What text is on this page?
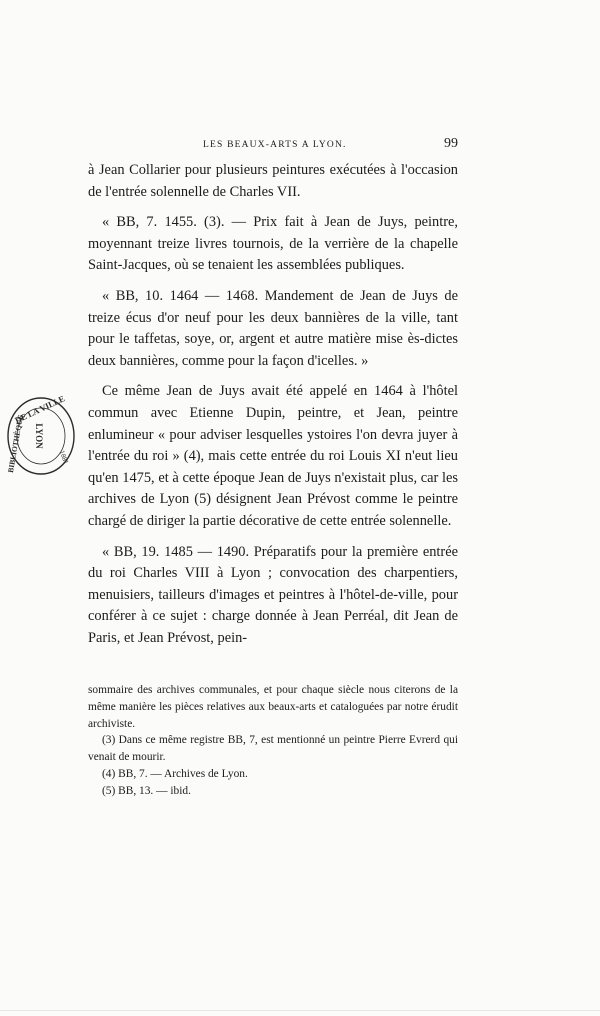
LES BEAUX-ARTS A LYON.	99

à Jean Collarier pour plusieurs peintures exécutées à l'occasion de l'entrée solennelle de Charles VII.

« BB, 7. 1455. (3). — Prix fait à Jean de Juys, peintre, moyennant treize livres tournois, de la verrière de la chapelle Saint-Jacques, où se tenaient les assemblées publiques.

« BB, 10. 1464 — 1468. Mandement de Jean de Juys de treize écus d'or neuf pour les deux bannières de la ville, tant pour le taffetas, soye, or, argent et autre matière mise ès-dictes deux bannières, comme pour la façon d'icelles. »

Ce même Jean de Juys avait été appelé en 1464 à l'hôtel commun avec Etienne Dupin, peintre, et Jean, peintre enlumineur « pour adviser lesquelles ystoires l'on devra juyer à l'entrée du roi » (4), mais cette entrée du roi Louis XI n'eut lieu qu'en 1475, et à cette époque Jean de Juys n'existait plus, car les archives de Lyon (5) désignent Jean Prévost comme le peintre chargé de diriger la partie décorative de cette entrée solennelle.

« BB, 19. 1485 — 1490. Préparatifs pour la première entrée du roi Charles VIII à Lyon ; convocation des charpentiers, menuisiers, tailleurs d'images et peintres à l'hôtel-de-ville, pour conférer à ce sujet : charge donnée à Jean Perréal, dit Jean de Paris, et Jean Prévost, pein-

sommaire des archives communales, et pour chaque siècle nous citerons de la même manière les pièces relatives aux beaux-arts et cataloguées par notre érudit archiviste.

(3) Dans ce même registre BB, 7, est mentionné un peintre Pierre Evrerd qui venait de mourir.

(4) BB, 7. — Archives de Lyon.

(5) BB, 13. — ibid.

DE LA VILLE
BIBLIOTHÈQUE LYON
1881
